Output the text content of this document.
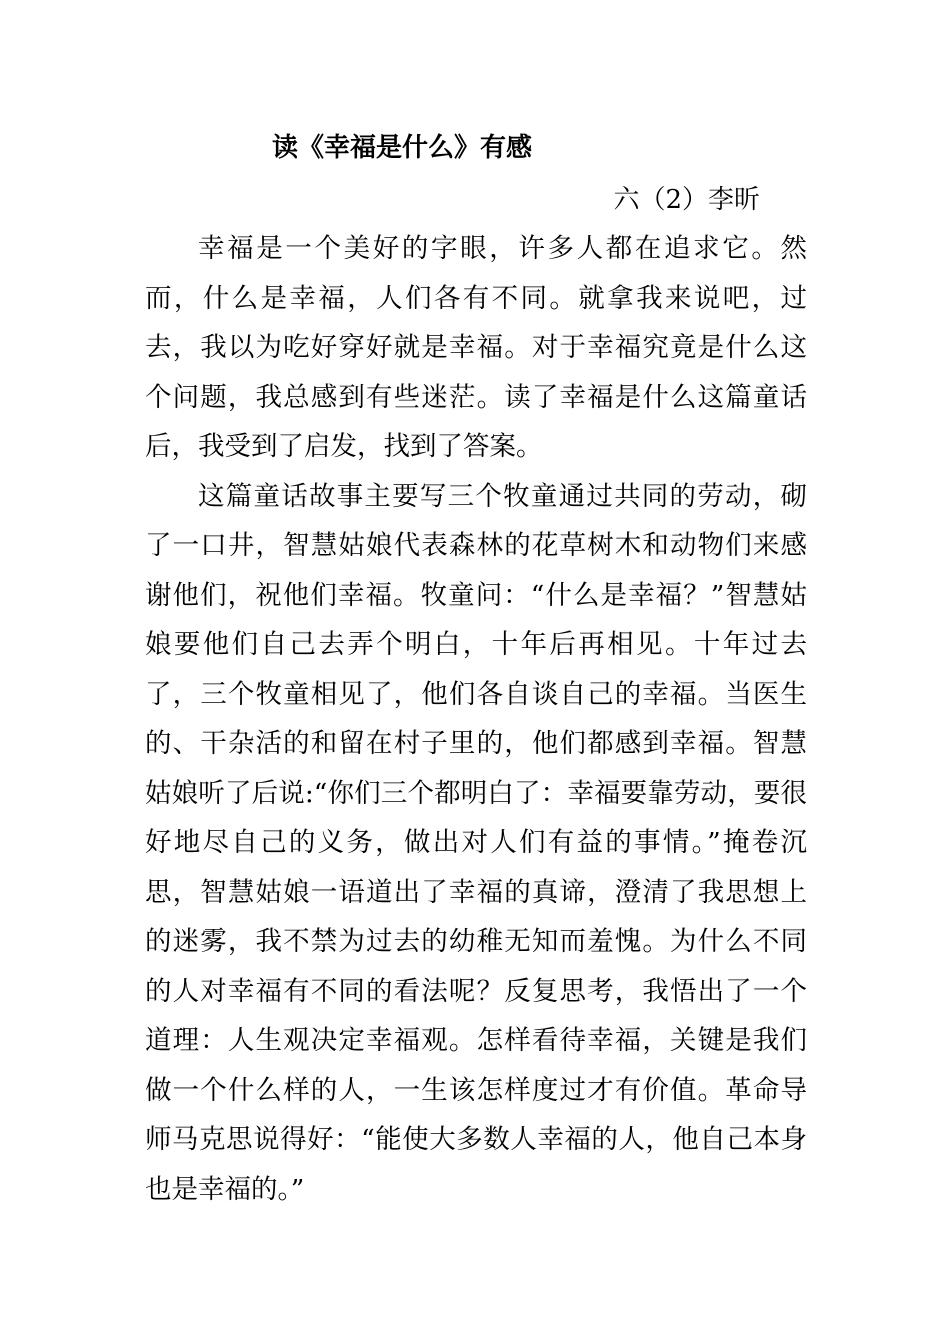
读《幸福是什么》有感
六（2）李昕

幸福是一个美好的字眼，许多人都在追求它。然而，什么是幸福，人们各有不同。就拿我来说吧，过去，我以为吃好穿好就是幸福。对于幸福究竟是什么这个问题，我总感到有些迷茫。读了幸福是什么这篇童话后，我受到了启发，找到了答案。

这篇童话故事主要写三个牧童通过共同的劳动，砌了一口井，智慧姑娘代表森林的花草树木和动物们来感谢他们，祝他们幸福。牧童问：“什么是幸福？”智慧姑娘要他们自己去弄个明白，十年后再相见。十年过去了，三个牧童相见了，他们各自谈自己的幸福。当医生的、干杂活的和留在村子里的，他们都感到幸福。智慧姑娘听了后说:“你们三个都明白了：幸福要靠劳动，要很好地尽自己的义务，做出对人们有益的事情。”掩卷沉思，智慧姑娘一语道出了幸福的真谛，澄清了我思想上的迷雾，我不禁为过去的幼稚无知而羞愧。为什么不同的人对幸福有不同的看法呢？反复思考，我悟出了一个道理：人生观决定幸福观。怎样看待幸福，关键是我们做一个什么样的人，一生该怎样度过才有价值。革命导师马克思说得好：“能使大多数人幸福的人，他自己本身也是幸福的。”
